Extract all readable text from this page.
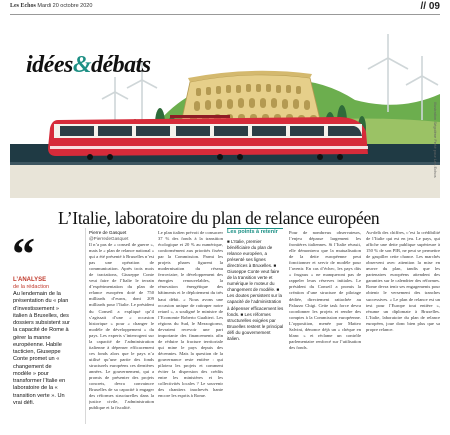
Les Echos Mardi 20 octobre 2020	// 09
idées&débats
Illustration Ségolène Ferté pour Les Echos
L’Italie, laboratoire du plan de relance européen
“
L’ANALYSE
de la rédaction
Au lendemain de la présentation du « plan d’investissement » italien à Bruxelles, des dossiers subsistent sur la capacité de Rome à gérer la manne européenne. Habile tacticien, Giuseppe Conte promet un « changement de modèle » pour transformer l’Italie en laboratoire de la « transition verte ». Un vrai défi.
Pierre de Gasquet
@PierredeGasquet
Il n’a pas de « conseil de guerre », mais le « plan de relance national » qui a été présenté à Bruxelles n’est pas une opération de communication. Après trois mois de tractations, Giuseppe Conte veut faire de l’Italie le terrain d’expérimentation du plan de relance européen doté de 750 milliards d’euros, dont 209 milliards pour l’Italie. Le président du Conseil a expliqué qu’il s’agissait d’une « occasion historique » pour « changer le modèle de développement » du pays. Les experts s’interrogent sur la capacité de l’administration italienne à dépenser efficacement ces fonds alors que le pays n’a utilisé qu’une partie des fonds structurels européens ces dernières années. Le gouvernement, qui a promis de présenter des projets concrets, devra convaincre Bruxelles de sa capacité à engager des réformes structurelles dans la justice civile, l’administration publique et la fiscalité.
Le plan italien prévoit de consacrer 37 % des fonds à la transition écologique et 20 % au numérique, conformément aux priorités fixées par la Commission. Parmi les projets phares figurent la modernisation du réseau ferroviaire, le développement des énergies renouvelables, la rénovation énergétique des bâtiments et le déploiement du très haut débit. « Nous avons une occasion unique de rattraper notre retard », a souligné le ministre de l’Economie Roberto Gualtieri. Les régions du Sud, le Mezzogiorno, devraient recevoir une part importante des financements afin de réduire la fracture territoriale qui mine le pays depuis des décennies. Mais la question de la gouvernance reste entière : qui pilotera les projets et comment éviter la dispersion des crédits entre les ministères et les collectivités locales ? Le souvenir des chantiers inachevés hante encore les esprits à Rome.
Les points à retenir
■ L’Italie, premier bénéficiaire du plan de relance européen, a présenté ses lignes directrices à Bruxelles. ■ Giuseppe Conte veut faire de la transition verte et numérique le moteur du changement de modèle. ■ Les doutes persistent sur la capacité de l’administration à dépenser efficacement les fonds. ■ Les réformes structurelles exigées par Bruxelles restent le principal défi du gouvernement italien.
Pour de nombreux observateurs, l’enjeu dépasse largement les frontières italiennes. Si l’Italie réussit, elle démontrera que la mutualisation de la dette européenne peut fonctionner et servir de modèle pour l’avenir. En cas d’échec, les pays dits « frugaux » ne manqueront pas de rappeler leurs réserves initiales. Le président du Conseil a promis la création d’une structure de pilotage dédiée, directement rattachée au Palazzo Chigi. Cette task force devra coordonner les projets et rendre des comptes à la Commission européenne. L’opposition, menée par Matteo Salvini, dénonce déjà un « chèque en blanc » et réclame un contrôle parlementaire renforcé sur l’utilisation des fonds.
Au-delà des chiffres, c’est la crédibilité de l’Italie qui est en jeu. Le pays, qui affiche une dette publique supérieure à 150 % de son PIB, ne peut se permettre de gaspiller cette chance. Les marchés observent avec attention la mise en œuvre du plan, tandis que les partenaires européens attendent des garanties sur le calendrier des réformes. Rome devra tenir ses engagements pour obtenir le versement des tranches successives. « Le plan de relance est un test pour l’Europe tout entière », résume un diplomate à Bruxelles. L’Italie, laboratoire du plan de relance européen, joue donc bien plus que sa propre relance.
